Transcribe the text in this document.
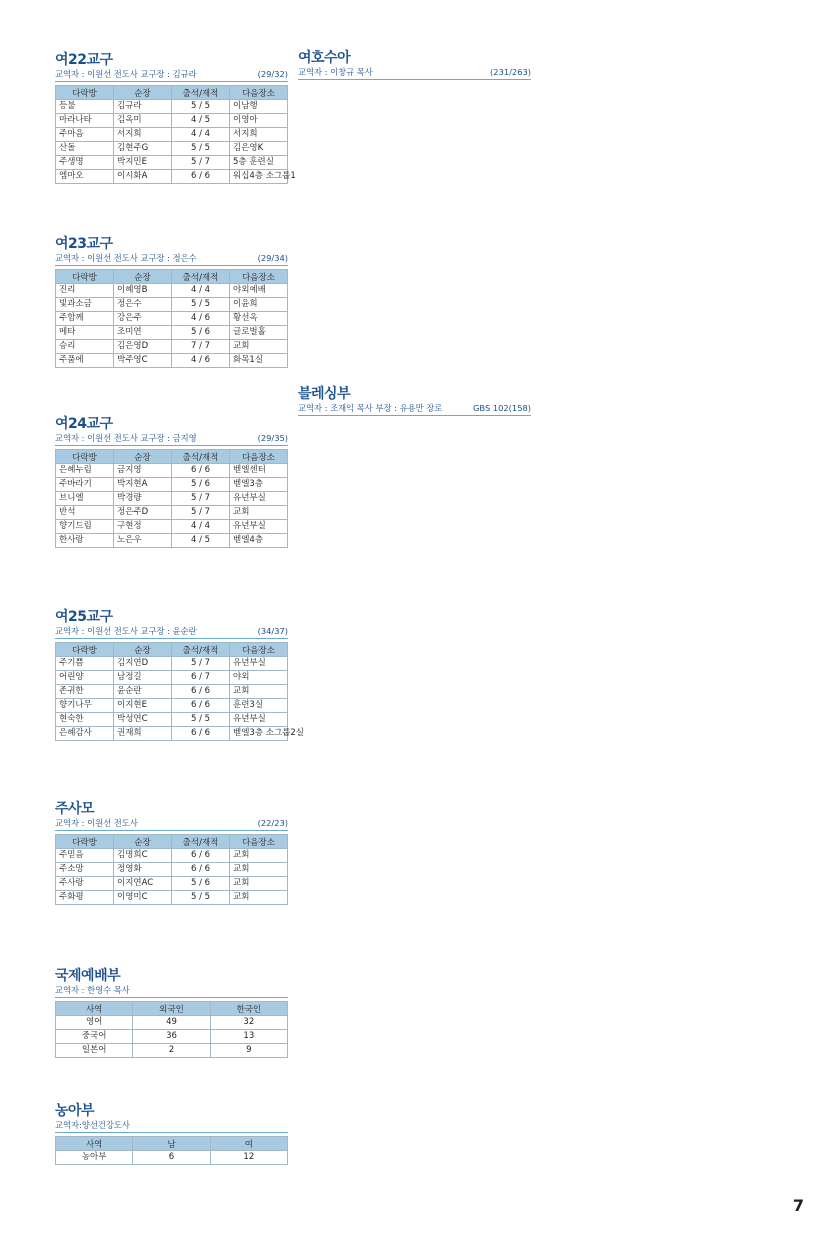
여22교구
교역자 : 이원선 전도사 교구장 : 김규라	(29/32)
다락방	순장	출석/재적	다음장소
등불	김규라	5 / 5	이남행
마라나타	김옥미	4 / 5	이영아
주마음	서지희	4 / 4	서지희
산돌	김현주G	5 / 5	김은영K
주생명	박지민E	5 / 7	5층 훈련실
엠마오	이시화A	6 / 6	워십4층 소그룹1
여23교구
교역자 : 이원선 전도사 교구장 : 정은수	(29/34)
다락방	순장	출석/재적	다음장소
진리	이혜영B	4 / 4	야외예배
빛과소금	정은수	5 / 5	이윤희
주함께	강은주	4 / 6	황선옥
메타	조미연	5 / 6	글로벌홀
승리	김은영D	7 / 7	교회
주품에	박주영C	4 / 6	화목1실
여24교구
교역자 : 이원선 전도사 교구장 : 금지영	(29/35)
다락방	순장	출석/재적	다음장소
은혜누림	금지영	6 / 6	벧엘센터
주바라기	박지현A	5 / 6	벧엘3층
브니엘	박경량	5 / 7	유년부실
반석	정은주D	5 / 7	교회
향기드림	구현정	4 / 4	유년부실
한사랑	노은우	4 / 5	벧엘4층
여25교구
교역자 : 이원선 전도사 교구장 : 윤순란	(34/37)
다락방	순장	출석/재적	다음장소
주기쁨	김지연D	5 / 7	유년부실
어린양	남정길	6 / 7	야외
존귀한	윤순란	6 / 6	교회
향기나무	이지현E	6 / 6	훈련3실
현숙한	박성연C	5 / 5	유년부실
은혜감사	권재희	6 / 6	벧엘3층 소그룹2실
주사모
교역자 : 이원선 전도사	(22/23)
다락방	순장	출석/재적	다음장소
주믿음	김명희C	6 / 6	교회
주소망	정영화	6 / 6	교회
주사랑	이지연AC	5 / 6	교회
주화평	이영미C	5 / 5	교회
국제예배부
교역자 : 한영수 목사
사역	외국인	한국인
영어	49	32
중국어	36	13
일본어	2	9
농아부
교역자:양선건강도사
사역	남	여
농아부	6	12
여호수아
교역자 : 이창규 목사	(231/263)
블레싱부
교역자 : 조재익 목사 부장 : 유용만 장로	GBS 102(158)
7
